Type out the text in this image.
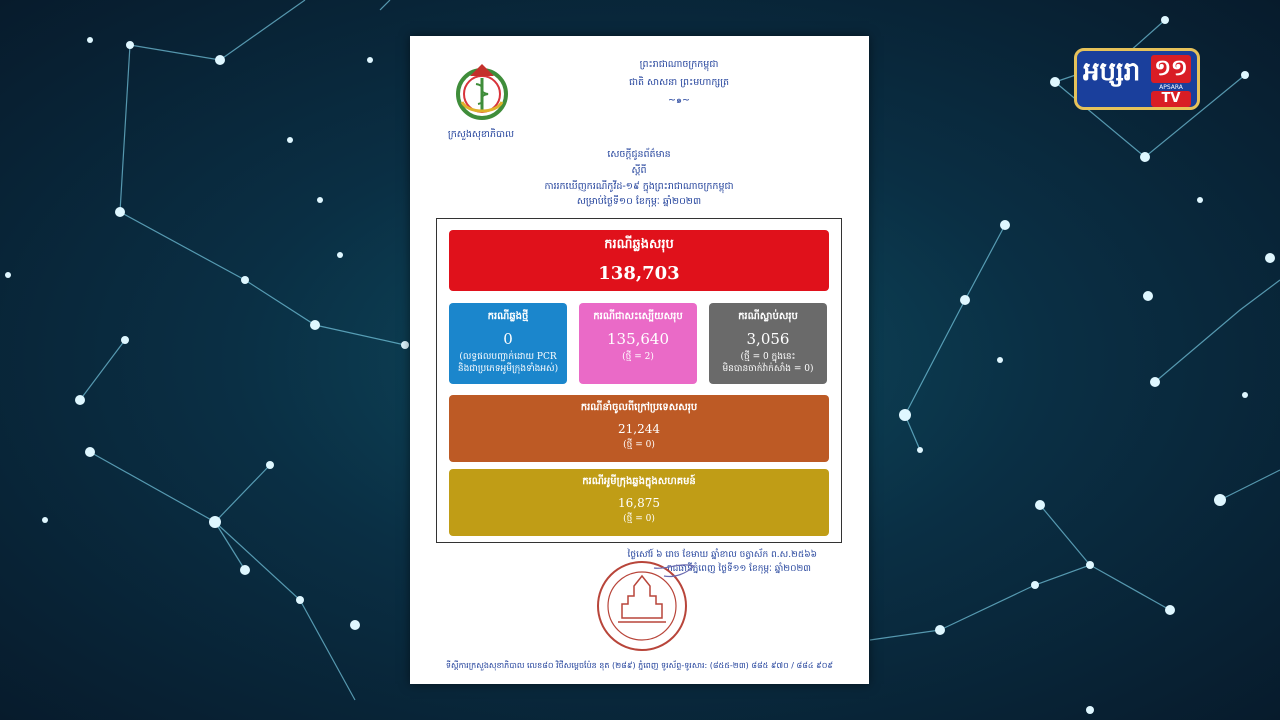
អប្សរា ១១
APSARA
TV
ព្រះរាជាណាចក្រកម្ពុជា
ជាតិ សាសនា ព្រះមហាក្សត្រ
~๑~
ក្រសួងសុខាភិបាល
សេចក្តីជូនព័ត៌មាន
ស្តីពី
ការរកឃើញករណីកូវីដ-១៩ ក្នុងព្រះរាជាណាចក្រកម្ពុជា
សម្រាប់ថ្ងៃទី១០ ខែកុម្ភៈ ឆ្នាំ២០២៣
ករណីឆ្លងសរុប
138,703
ករណីឆ្លងថ្មី
0
(លទ្ធផលបញ្ជាក់ដោយ PCR
និងជាប្រភេទអូមីក្រុងទាំងអស់)
ករណីជាសះស្បើយសរុប
135,640
(ថ្មី = 2)
ករណីស្លាប់សរុប
3,056
(ថ្មី = 0 ក្នុងនេះ
មិនបានចាក់វ៉ាក់សាំង = 0)
ករណីនាំចូលពីក្រៅប្រទេសសរុប
21,244
(ថ្មី = 0)
ករណីអូមីក្រុងឆ្លងក្នុងសហគមន៍
16,875
(ថ្មី = 0)
ថ្ងៃសៅរ៍ ៦ រោច ខែមាឃ ឆ្នាំខាល ចត្វាស័ក ព.ស.២៥៦៦
រាជធានីភ្នំពេញ ថ្ងៃទី១១ ខែកុម្ភៈ ឆ្នាំ២០២៣
ទីស្តីការក្រសួងសុខាភិបាល លេខ៨០ វិថីសម្តេចប៉ែន នុត (២៨៩) ភ្នំពេញ ទូរស័ព្ទ-ទូរសារ: (៨៥៥-២៣) ៨៨៥ ៩៧០ / ៨៨៤ ៩០៩
